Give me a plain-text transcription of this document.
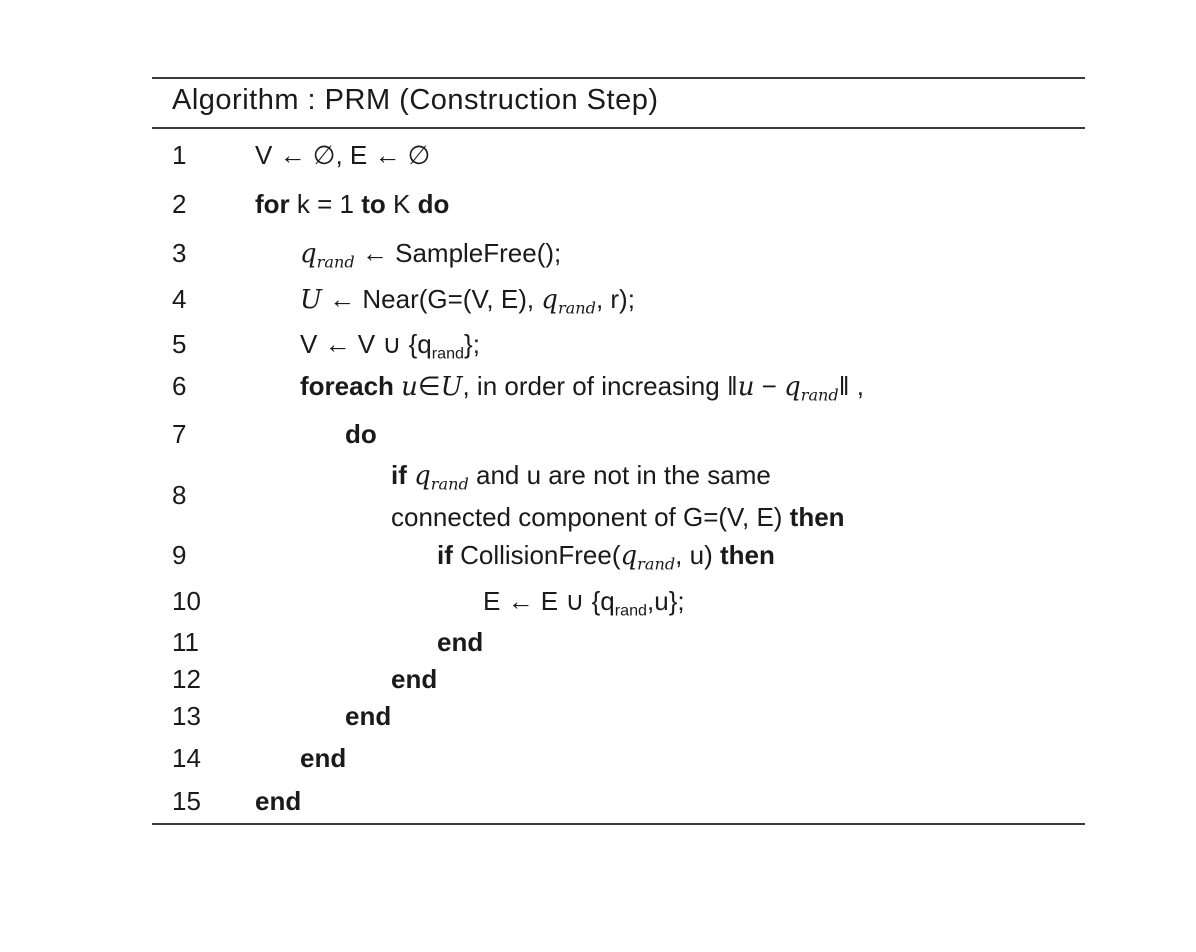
Algorithm : PRM (Construction Step)
1	V ← ∅, E ← ∅
2	for k = 1 to K do
3	$q_{rand}$ ← SampleFree();
4	U ← Near(G=(V, E), $q_{rand}$, r);
5	V ← V ∪ $\{q_{rand}\}$;
6	foreach u∈U, in order of increasing ‖u − $q_{rand}‖$ ,
7	do
8
if $q_{rand}$ and u are not in the same
connected component of G=(V, E) then
9	if $CollisionFree(q_{rand}$, u) then
10	E ← E ∪ $\{q_{rand},u\}$;
11	end
12	end
13	end
14	end
15 end
